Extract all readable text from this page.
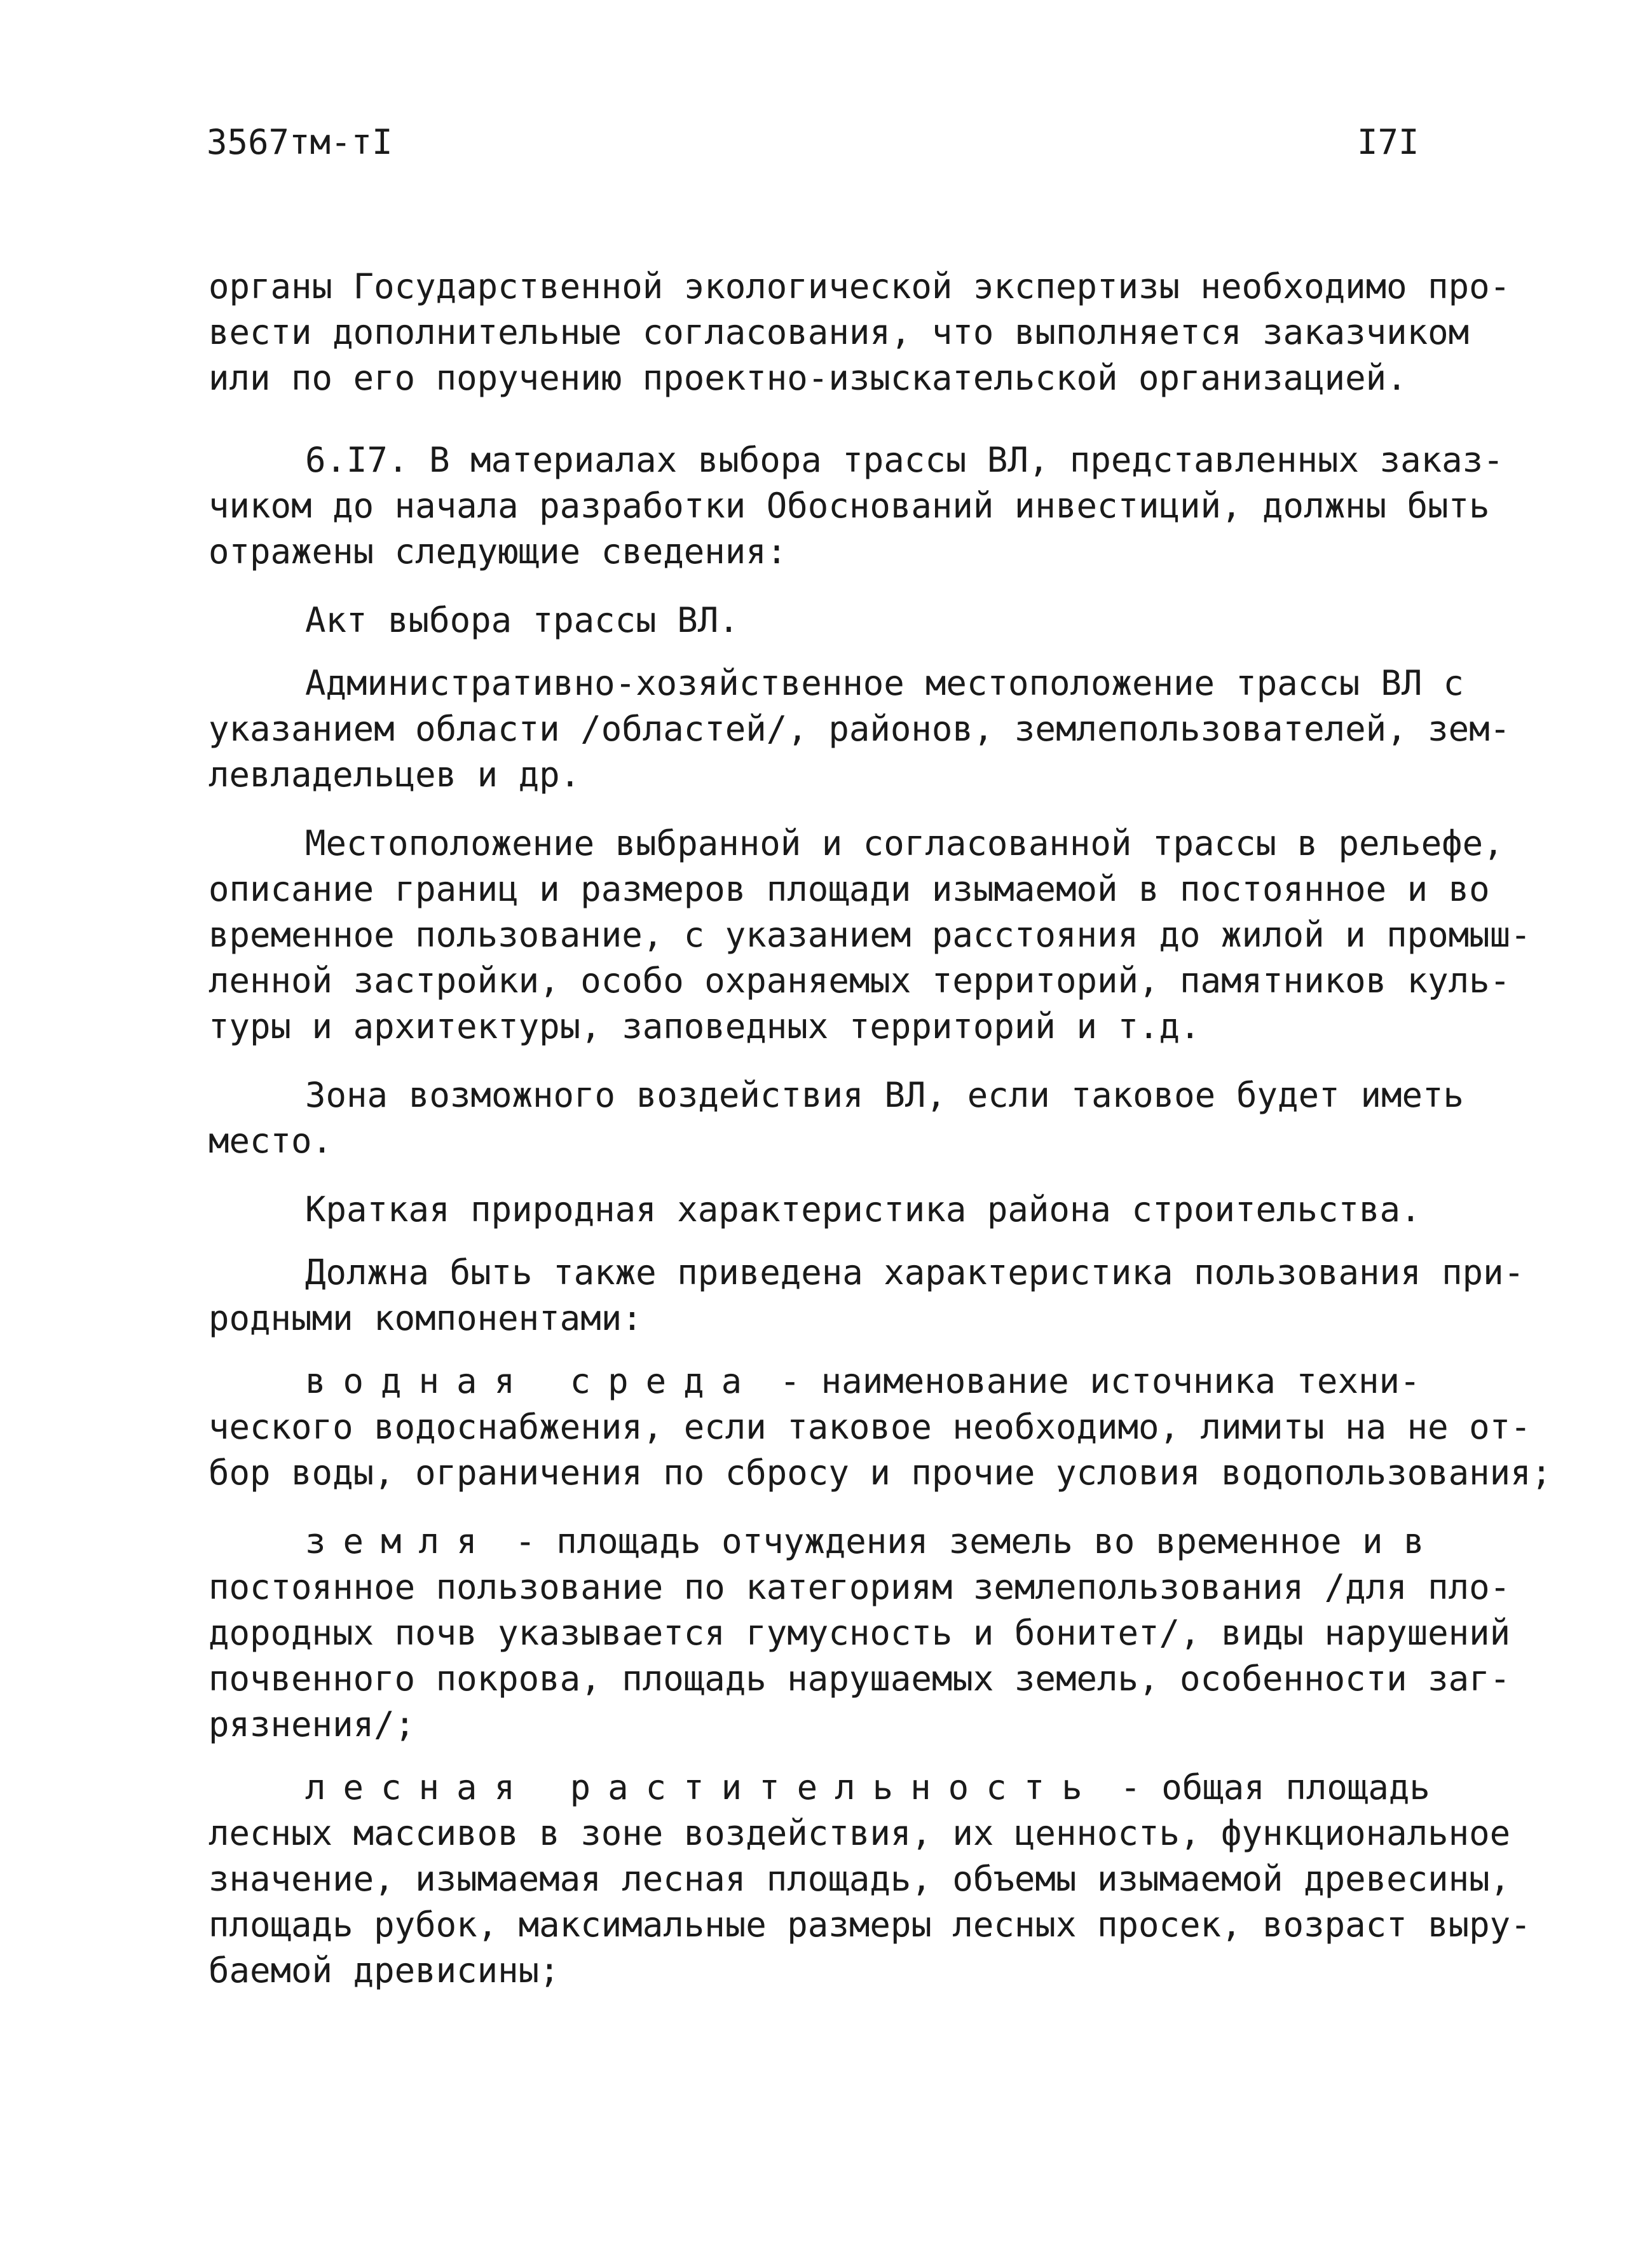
3567тм-тI	I7I
органы Государственной экологической экспертизы необходимо про-
вести дополнительные согласования, что выполняется заказчиком
или по его поручению проектно-изыскательской организацией.
6.I7. В материалах выбора трассы ВЛ, представленных заказ-
чиком до начала разработки Обоснований инвестиций, должны быть
отражены следующие сведения:
Акт выбора трассы ВЛ.
Административно-хозяйственное местоположение трассы ВЛ с
указанием области /областей/, районов, землепользователей, зем-
левладельцев и др.
Местоположение выбранной и согласованной трассы в рельефе,
описание границ и размеров площади изымаемой в постоянное и во
временное пользование, с указанием расстояния до жилой и промыш-
ленной застройки, особо охраняемых территорий, памятников куль-
туры и архитектуры, заповедных территорий и т.д.
Зона возможного воздействия ВЛ, если таковое будет иметь
место.
Краткая природная характеристика района строительства.
Должна быть также приведена характеристика пользования при-
родными компонентами:
водная среда - наименование источника техни-
ческого водоснабжения, если таковое необходимо, лимиты на не от-
бор воды, ограничения по сбросу и прочие условия водопользования;
земля - площадь отчуждения земель во временное и в
постоянное пользование по категориям землепользования /для пло-
дородных почв указывается гумусность и бонитет/, виды нарушений
почвенного покрова, площадь нарушаемых земель, особенности заг-
рязнения/;
лесная растительность - общая площадь
лесных массивов в зоне воздействия, их ценность, функциональное
значение, изымаемая лесная площадь, объемы изымаемой древесины,
площадь рубок, максимальные размеры лесных просек, возраст выру-
баемой древисины;
